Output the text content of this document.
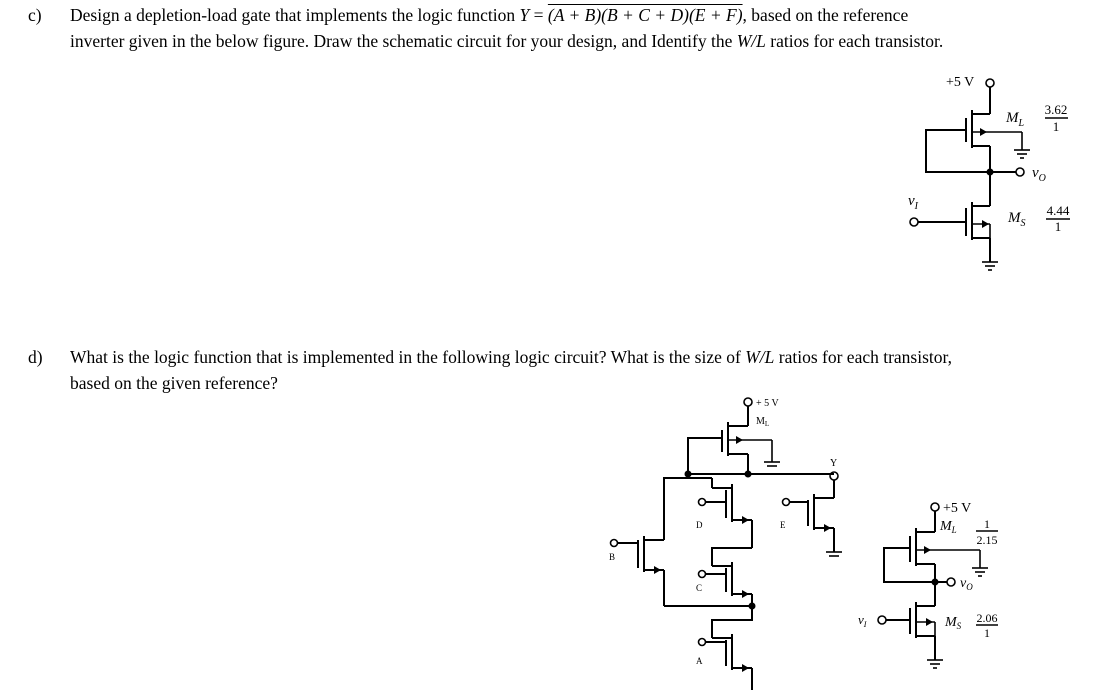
c) Design a depletion-load gate that implements the logic function Y = (A + B)(B + C + D)(E + F), based on the reference
inverter given in the below figure. Draw the schematic circuit for your design, and Identify the W/L ratios for each transistor.
d) What is the logic function that is implemented in the following logic circuit? What is the size of W/L ratios for each transistor,
based on the given reference?
+5 V
$M_L$
3.62
1
$v_O$
$v_I$
$M_S$
4.44
1
+ 5 V
$M_L$
Y
D
B
C
A
E
+5 V
$M_L$ 1
2.15
$v_O$
$v_I$	$M_S$
2.06
1
